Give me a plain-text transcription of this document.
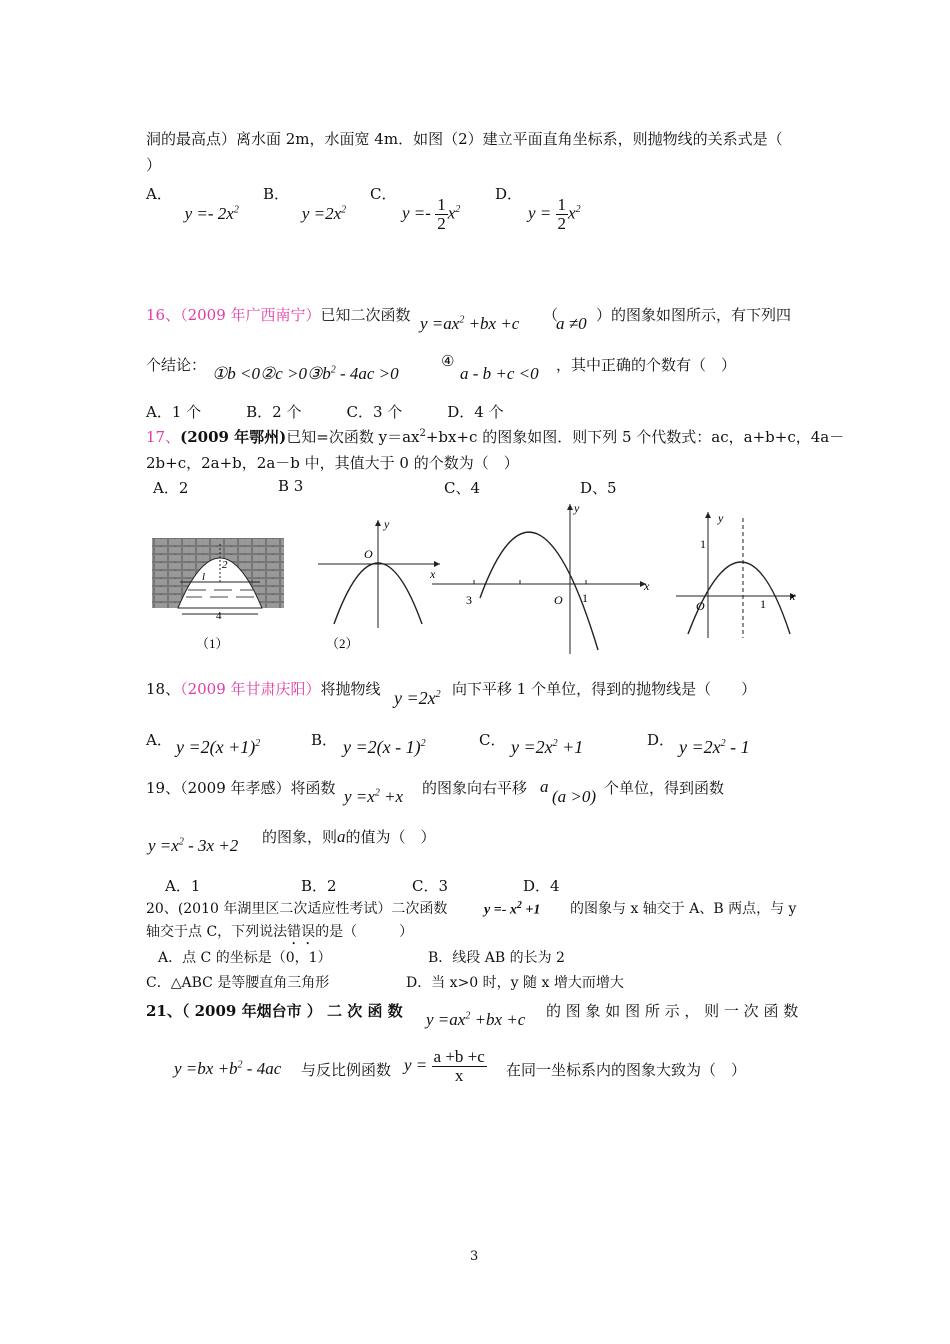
洞的最高点）离水面 2m，水面宽 4m．如图（2）建立平面直角坐标系，则抛物线的关系式是（
）
A． $y =- 2x^2$
B． $y =2x^2$
C．
$y =- \frac{1}{2} x^2$
D．
$y = \frac{1}{2} x^2$
16、（2009 年广西南宁）已知二次函数 $y =ax^2 +bx +c$ （
a ≠0 ）的图象如图所示，有下列四
个结论： ①b <0②c $>0③b^2 - 4ac >0$
④
a - b +c <0 ，其中正确的个数有（　）
A．1 个　　　B．2 个　　　C．3 个　　　D．4 个
17、(2009 年鄂州)已知=次函数 $y=ax^2+bx+c$ 的图象如图．则下列 5 个代数式：ac，a+b+c，4a－
2b+c，2a+b，2a－b 中，其值大于 0 的个数为（　）
A．2	B 3	C、4	D、5
2
l
4
（1）
O
x
y
（2）
y
x
O
3	1
y
x
O
1
1
18、（2009 年甘肃庆阳）将抛物线 $y =2x^2$ 向下平移 1 个单位，得到的抛物线是（　　）
A． $y =2(x +1)^2$	B． y =2(x - 1)$^2$	C． $y =2x^2 +1$	D． $y =2x^2 - 1$
19、（2009 年孝感）将函数 $y =x^2 +x$ 的图象向右平移 a
(a >0) 个单位，得到函数
$y =x^2 - 3x +2$ 的图象，则a的值为（　）
A．1	B．2	C．3	D．4
20、(2010 年湖里区二次适应性考试）二次函数	$y =- x^2 +1$ 的图象与 x 轴交于 A、B 两点，与 y
轴交于点 C，下列说法错误的是（　　　）
A．点 C 的坐标是（0，1）	B．线段 AB 的长为 2
C．△ABC 是等腰直角三角形	D．当 x>0 时，y 随 x 增大而增大
21、（ 2009 年烟台市 ） 二 次 函 数 $y =ax^2 +bx +c$ 的 图 象 如 图 所 示 ， 则 一 次 函 数
$y =bx +b^2 - 4ac$ 与反比例函数 $y = \frac{a +b +c}{x}$ 在同一坐标系内的图象大致为（　）
3
